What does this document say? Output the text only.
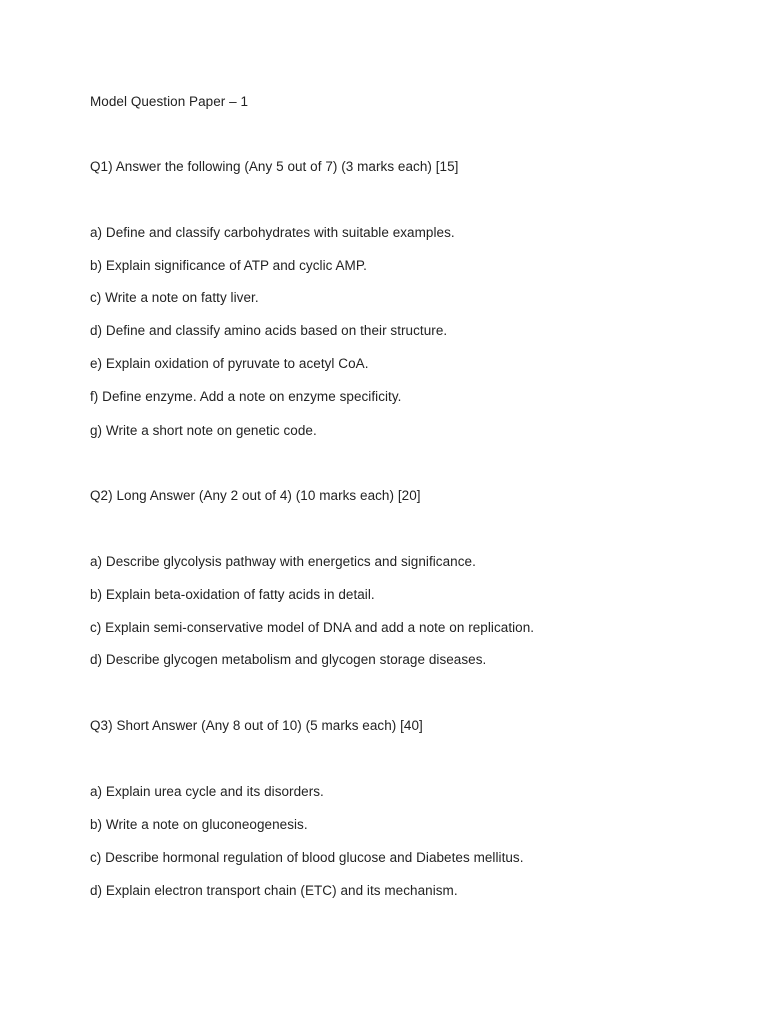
Model Question Paper – 1
Q1) Answer the following (Any 5 out of 7) (3 marks each) [15]
a) Define and classify carbohydrates with suitable examples.
b) Explain significance of ATP and cyclic AMP.
c) Write a note on fatty liver.
d) Define and classify amino acids based on their structure.
e) Explain oxidation of pyruvate to acetyl CoA.
f) Define enzyme. Add a note on enzyme specificity.
g) Write a short note on genetic code.
Q2) Long Answer (Any 2 out of 4) (10 marks each) [20]
a) Describe glycolysis pathway with energetics and significance.
b) Explain beta-oxidation of fatty acids in detail.
c) Explain semi-conservative model of DNA and add a note on replication.
d) Describe glycogen metabolism and glycogen storage diseases.
Q3) Short Answer (Any 8 out of 10) (5 marks each) [40]
a) Explain urea cycle and its disorders.
b) Write a note on gluconeogenesis.
c) Describe hormonal regulation of blood glucose and Diabetes mellitus.
d) Explain electron transport chain (ETC) and its mechanism.
